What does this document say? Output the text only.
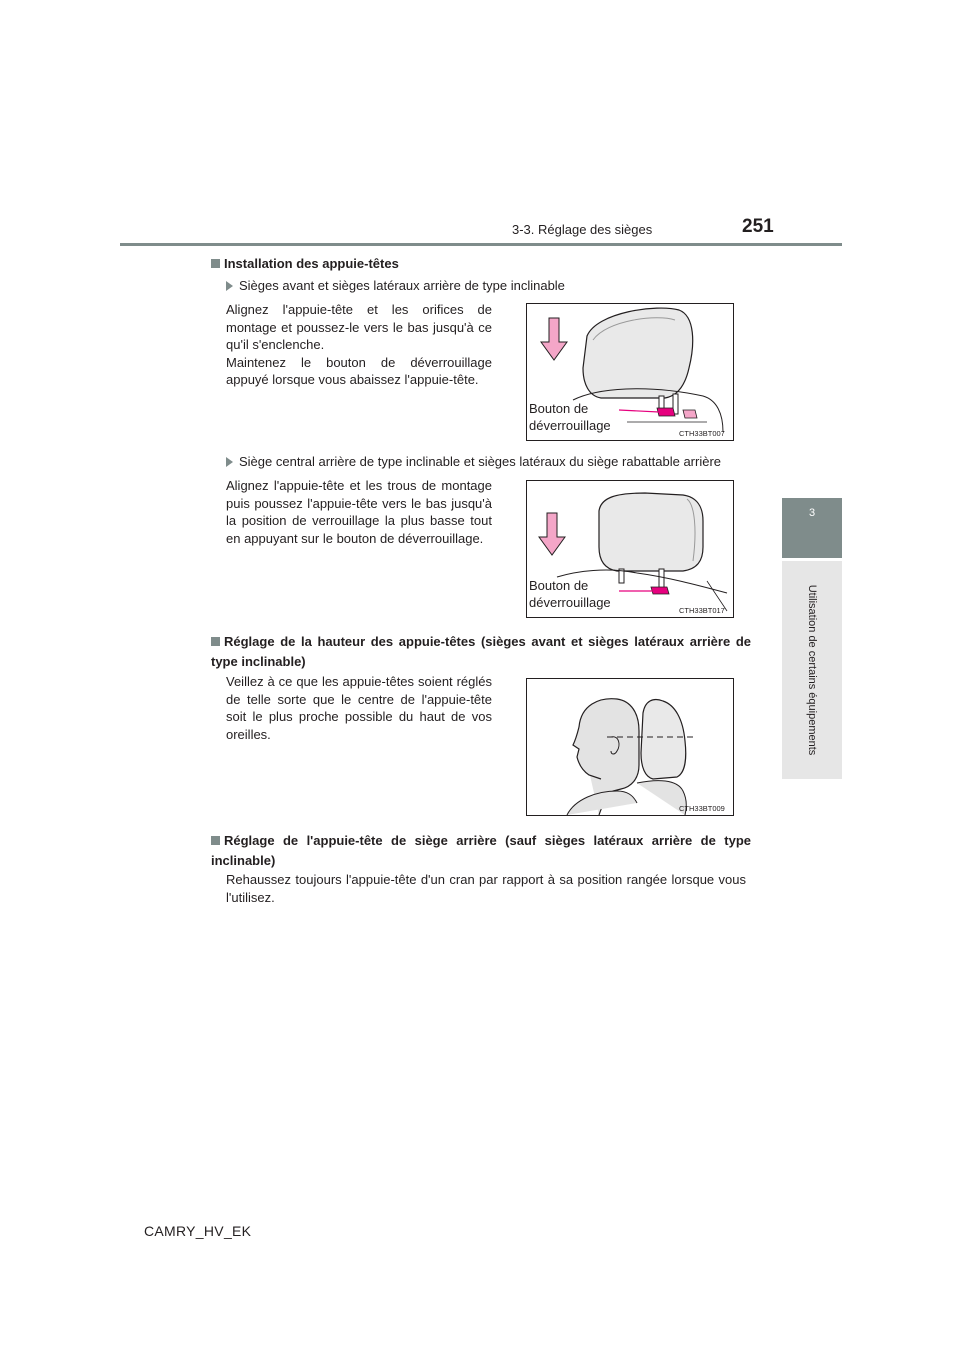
3-3. Réglage des sièges	251
3
Utilisation de certains équipements
Installation des appuie-têtes
Sièges avant et sièges latéraux arrière de type inclinable
Alignez l'appuie-tête et les orifices de montage et poussez-le vers le bas jusqu'à ce qu'il s'enclenche.
Maintenez le bouton de déverrouillage appuyé lorsque vous abaissez l'appuie-tête.
Bouton de
déverrouillage
CTH33BT007
Siège central arrière de type inclinable et sièges latéraux du siège rabattable arrière
Alignez l'appuie-tête et les trous de montage puis poussez l'appuie-tête vers le bas jusqu'à la position de verrouillage la plus basse tout en appuyant sur le bouton de déverrouillage.
Bouton de
déverrouillage
CTH33BT017
Réglage de la hauteur des appuie-têtes (sièges avant et sièges latéraux arrière de type inclinable)
Veillez à ce que les appuie-têtes soient réglés de telle sorte que le centre de l'appuie-tête soit le plus proche possible du haut de vos oreilles.
CTH33BT009
Réglage de l'appuie-tête de siège arrière (sauf sièges latéraux arrière de type inclinable)
Rehaussez toujours l'appuie-tête d'un cran par rapport à sa position rangée lorsque vous l'utilisez.
CAMRY_HV_EK
